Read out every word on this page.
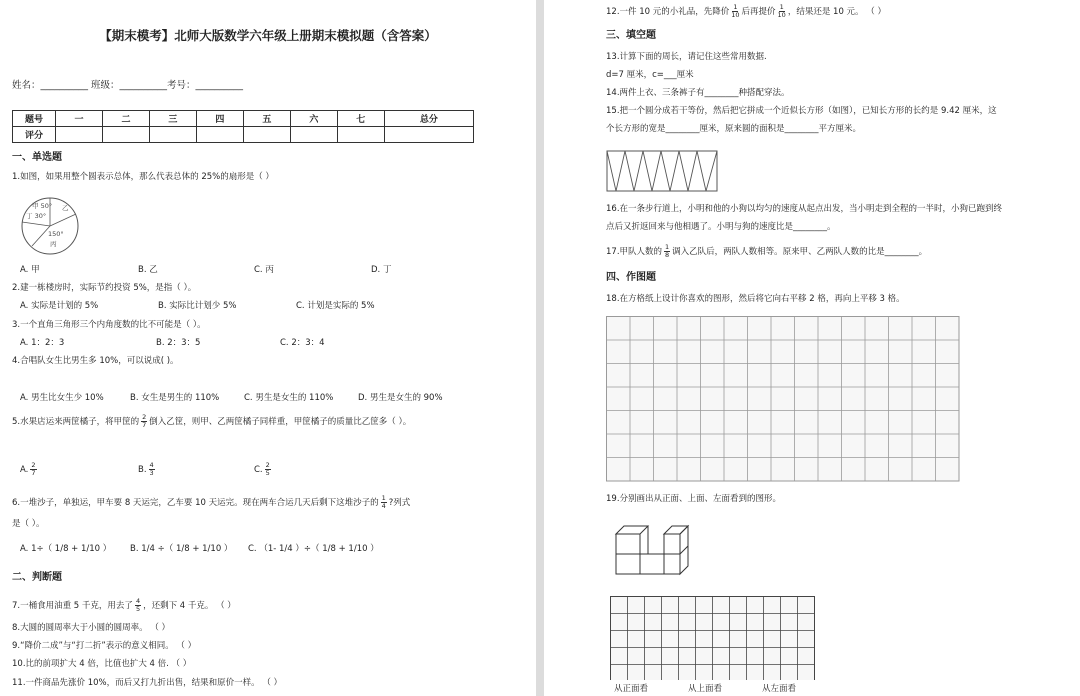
【期末模考】北师大版数学六年级上册期末模拟题（含答案）
姓名：__________ 班级：__________考号：__________
题号	一	二	三	四	五	六	七	总分
评分								
一、单选题
1.如图，如果用整个圆表示总体，那么代表总体的 25%的扇形是（ ）
甲 50° 乙
丁 30°
150°
丙
A. 甲	B. 乙	C. 丙	D. 丁
2.建一栋楼房时，实际节约投资 5%，是指（ ）。
A. 实际是计划的 5%	B. 实际比计划少 5%	C. 计划是实际的 5%
3.一个直角三角形三个内角度数的比不可能是（ ）。
A. 1：2：3	B. 2：3：5	C. 2：3：4
4.合唱队女生比男生多 10%，可以说成( )。
A. 男生比女生少 10%	B. 女生是男生的 110%	C. 男生是女生的 110%	D. 男生是女生的 90%
5.水果店运来两筐橘子，将甲筐的 $\frac{2}{7}$ 倒入乙筐，则甲、乙两筐橘子同样重，甲筐橘子的质量比乙筐多（ ）。
A. $\frac{2}{7}$	B. $\frac{4}{3}$	C. $\frac{2}{5}$
6.一堆沙子，单独运，甲车要 8 天运完，乙车要 10 天运完。现在两车合运几天后剩下这堆沙子的 $\frac{1}{4}$ ?列式
是（ ）。
A. 1÷（ 1/8 + 1/10 ） B. 1/4 ÷（ 1/8 + 1/10 ） C. （1- 1/4 ）÷（ 1/8 + 1/10 ）
二、判断题
7.一桶食用油重 5 千克，用去了 $\frac{4}{5}$ ，还剩下 4 千克。 （ ）
8.大圆的圆周率大于小圆的圆周率。 （ ）
9.“降价二成”与“打二折”表示的意义相同。 （ ）
10.比的前项扩大 4 倍，比值也扩大 4 倍. （ ）
11.一件商品先涨价 10%，而后又打九折出售，结果和原价一样。 （ ）
12.一件 10 元的小礼品，先降价 $\frac{1}{10}$ 后再提价 $\frac{1}{10}$ ，结果还是 10 元。 （ ）
三、填空题
13.计算下面的周长，请记住这些常用数据.
d=7 厘米，c=___厘米
14.两件上衣、三条裤子有________种搭配穿法。
15.把一个圆分成若干等份，然后把它拼成一个近似长方形（如图），已知长方形的长约是 9.42 厘米，这
个长方形的宽是________厘米，原来圆的面积是________平方厘米。
16.在一条步行道上，小明和他的小狗以均匀的速度从起点出发，当小明走到全程的一半时，小狗已跑到终
点后又折返回来与他相遇了。小明与狗的速度比是________。
17.甲队人数的 $\frac{1}{8}$ 调入乙队后，两队人数相等。原来甲、乙两队人数的比是________。
四、作图题
18.在方格纸上设计你喜欢的图形，然后将它向右平移 2 格，再向上平移 3 格。
19.分别画出从正面、上面、左面看到的图形。
从正面看	从上面看	从左面看
